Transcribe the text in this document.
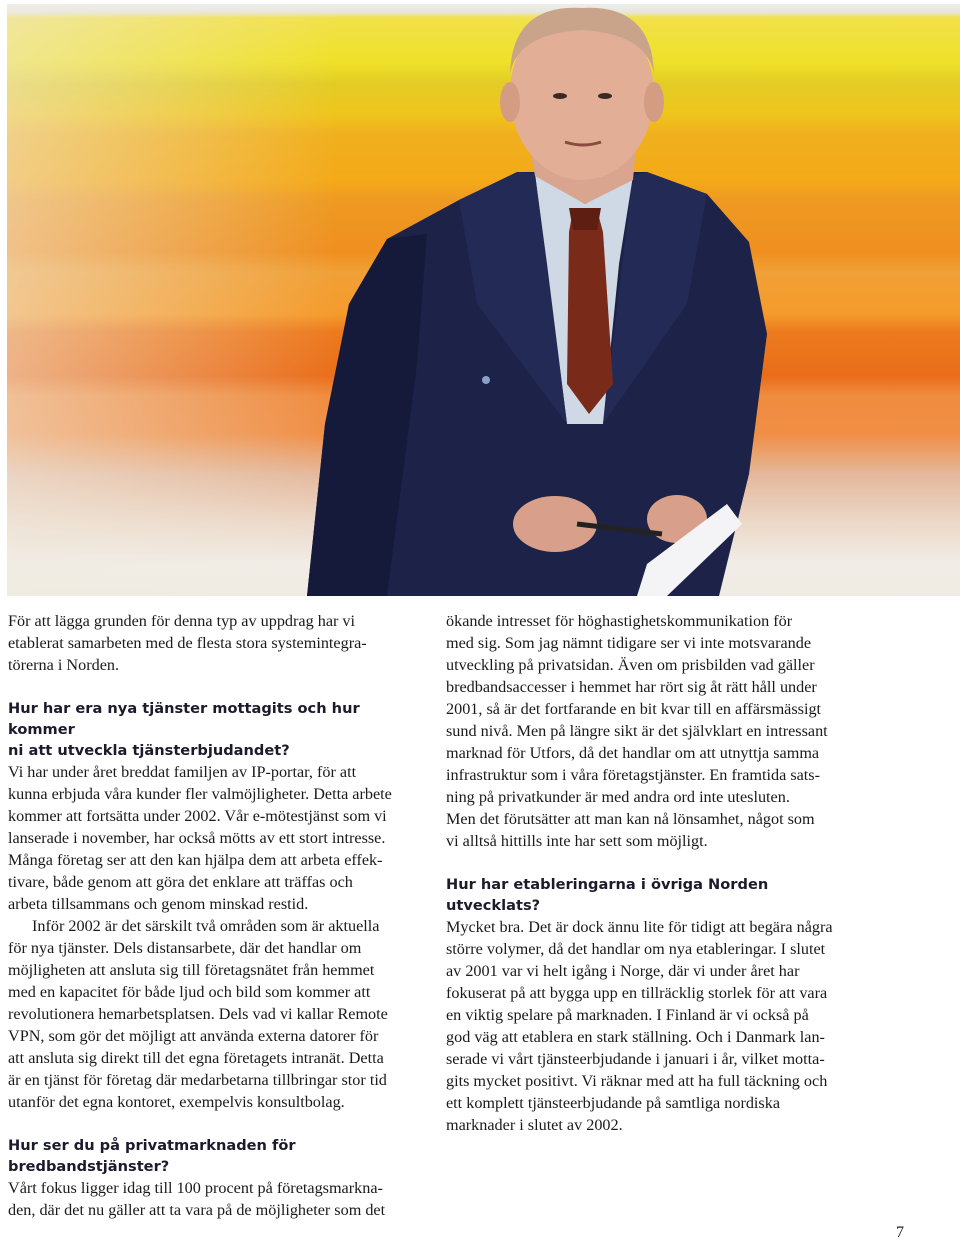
För att lägga grunden för denna typ av uppdrag har vi
etablerat samarbeten med de flesta stora systemintegra-
törerna i Norden.

Hur har era nya tjänster mottagits och hur kommer
ni att utveckla tjänsterbjudandet?

Vi har under året breddat familjen av IP-portar, för att
kunna erbjuda våra kunder fler valmöjligheter. Detta arbete
kommer att fortsätta under 2002. Vår e-mötestjänst som vi
lanserade i november, har också mötts av ett stort intresse.
Många företag ser att den kan hjälpa dem att arbeta effek-
tivare, både genom att göra det enklare att träffas och
arbeta tillsammans och genom minskad restid.

Inför 2002 är det särskilt två områden som är aktuella
för nya tjänster. Dels distansarbete, där det handlar om
möjligheten att ansluta sig till företagsnätet från hemmet
med en kapacitet för både ljud och bild som kommer att
revolutionera hemarbetsplatsen. Dels vad vi kallar Remote
VPN, som gör det möjligt att använda externa datorer för
att ansluta sig direkt till det egna företagets intranät. Detta
är en tjänst för företag där medarbetarna tillbringar stor tid
utanför det egna kontoret, exempelvis konsultbolag.

Hur ser du på privatmarknaden för bredbandstjänster?

Vårt fokus ligger idag till 100 procent på företagsmarkna-
den, där det nu gäller att ta vara på de möjligheter som det

ökande intresset för höghastighetskommunikation för
med sig. Som jag nämnt tidigare ser vi inte motsvarande
utveckling på privatsidan. Även om prisbilden vad gäller
bredbandsaccesser i hemmet har rört sig åt rätt håll under
2001, så är det fortfarande en bit kvar till en affärsmässigt
sund nivå. Men på längre sikt är det självklart en intressant
marknad för Utfors, då det handlar om att utnyttja samma
infrastruktur som i våra företagstjänster. En framtida sats-
ning på privatkunder är med andra ord inte utesluten.
Men det förutsätter att man kan nå lönsamhet, något som
vi alltså hittills inte har sett som möjligt.

Hur har etableringarna i övriga Norden utvecklats?

Mycket bra. Det är dock ännu lite för tidigt att begära några
större volymer, då det handlar om nya etableringar. I slutet
av 2001 var vi helt igång i Norge, där vi under året har
fokuserat på att bygga upp en tillräcklig storlek för att vara
en viktig spelare på marknaden. I Finland är vi också på
god väg att etablera en stark ställning. Och i Danmark lan-
serade vi vårt tjänsteerbjudande i januari i år, vilket motta-
gits mycket positivt. Vi räknar med att ha full täckning och
ett komplett tjänsteerbjudande på samtliga nordiska
marknader i slutet av 2002.

7
